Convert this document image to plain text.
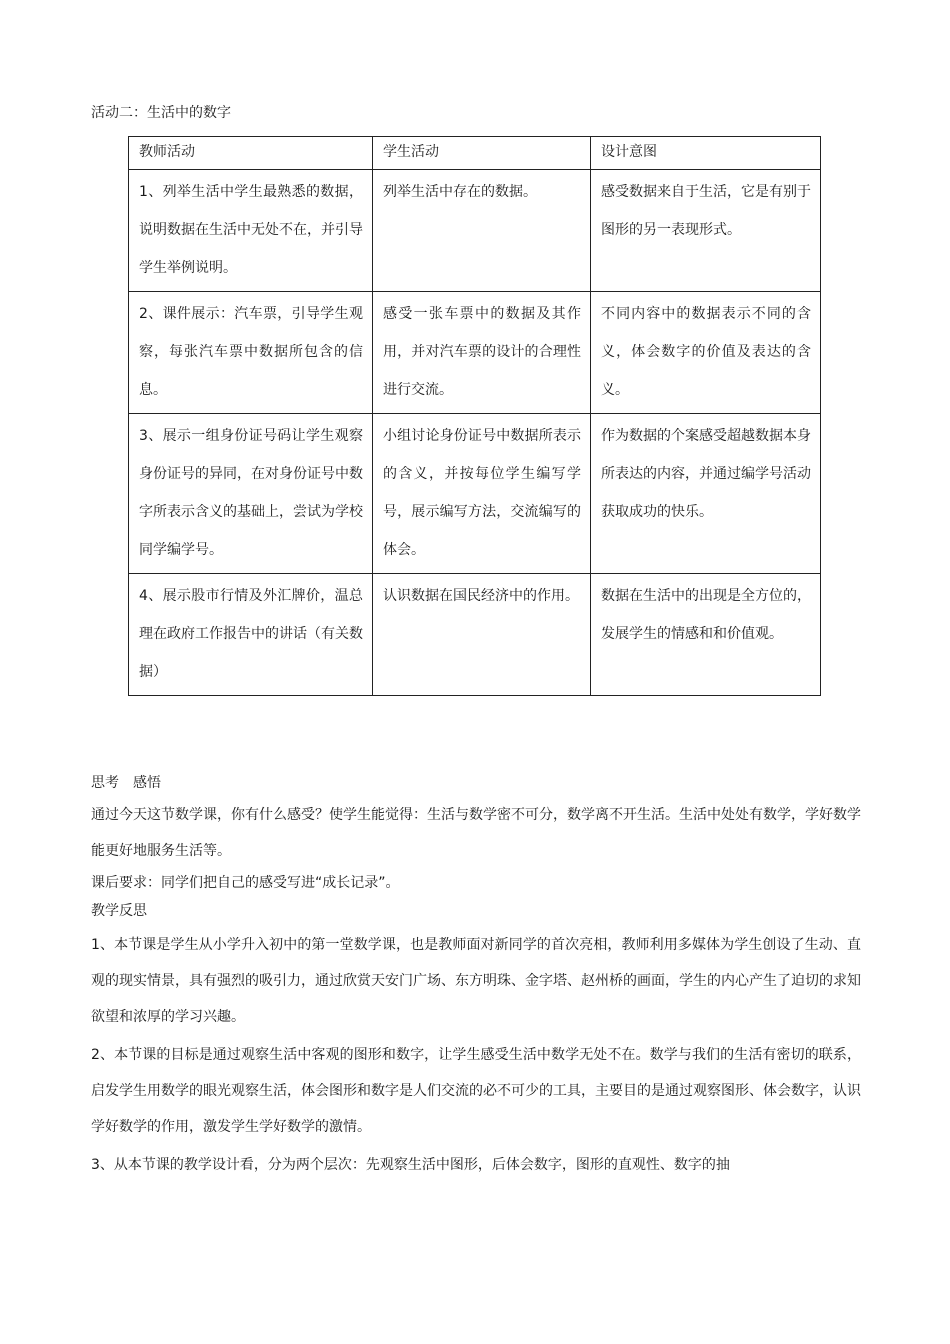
活动二：生活中的数字
教师活动	学生活动	设计意图
1、列举生活中学生最熟悉的数据，说明数据在生活中无处不在，并引导学生举例说明。	列举生活中存在的数据。	感受数据来自于生活，它是有别于图形的另一表现形式。
2、课件展示：汽车票，引导学生观察，每张汽车票中数据所包含的信息。	感受一张车票中的数据及其作用，并对汽车票的设计的合理性进行交流。	不同内容中的数据表示不同的含义，体会数字的价值及表达的含义。
3、展示一组身份证号码让学生观察身份证号的异同，在对身份证号中数字所表示含义的基础上，尝试为学校同学编学号。	小组讨论身份证号中数据所表示的含义，并按每位学生编写学号，展示编写方法，交流编写的体会。	作为数据的个案感受超越数据本身所表达的内容，并通过编学号活动获取成功的快乐。
4、展示股市行情及外汇牌价，温总理在政府工作报告中的讲话（有关数据）	认识数据在国民经济中的作用。	数据在生活中的出现是全方位的，发展学生的情感和和价值观。

思考　感悟

通过今天这节数学课，你有什么感受？使学生能觉得：生活与数学密不可分，数学离不开生活。生活中处处有数学，学好数学能更好地服务生活等。

课后要求：同学们把自己的感受写进“成长记录”。

教学反思

1、本节课是学生从小学升入初中的第一堂数学课，也是教师面对新同学的首次亮相，教师利用多媒体为学生创设了生动、直观的现实情景，具有强烈的吸引力，通过欣赏天安门广场、东方明珠、金字塔、赵州桥的画面，学生的内心产生了迫切的求知欲望和浓厚的学习兴趣。

2、本节课的目标是通过观察生活中客观的图形和数字，让学生感受生活中数学无处不在。数学与我们的生活有密切的联系，启发学生用数学的眼光观察生活，体会图形和数字是人们交流的必不可少的工具，主要目的是通过观察图形、体会数字，认识学好数学的作用，激发学生学好数学的激情。

3、从本节课的教学设计看，分为两个层次：先观察生活中图形，后体会数字，图形的直观性、数字的抽
